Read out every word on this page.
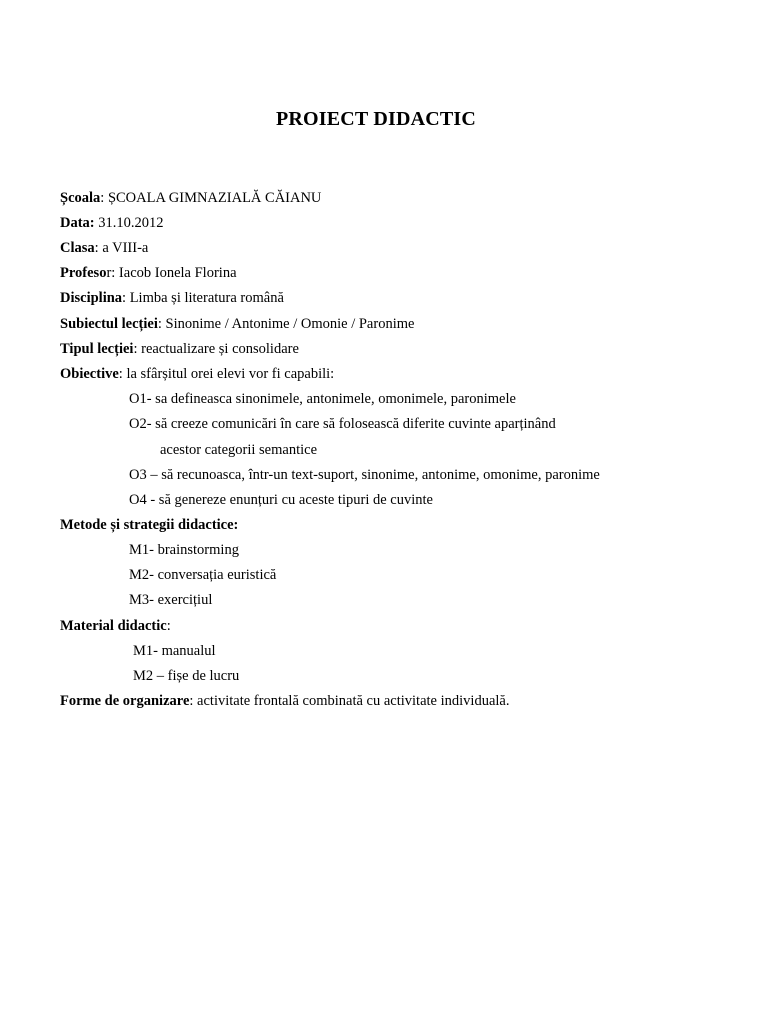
PROIECT DIDACTIC
Școala: ȘCOALA GIMNAZIALĂ CĂIANU
Data: 31.10.2012
Clasa: a VIII-a
Profesor: Iacob Ionela Florina
Disciplina: Limba și literatura română
Subiectul lecției: Sinonime / Antonime / Omonie / Paronime
Tipul lecției: reactualizare și consolidare
Obiective: la sfârșitul orei elevi vor fi capabili:
O1- sa defineasca sinonimele, antonimele, omonimele, paronimele
O2- să creeze comunicări în care să folosească diferite cuvinte aparținând
acestor categorii semantice
O3 – să recunoasca, într-un text-suport, sinonime, antonime, omonime, paronime
O4 - să genereze enunțuri cu aceste tipuri de cuvinte
Metode și strategii didactice:
M1- brainstorming
M2- conversația euristică
M3- exercițiul
Material didactic:
M1- manualul
M2 – fișe de lucru
Forme de organizare: activitate frontală combinată cu activitate individuală.
